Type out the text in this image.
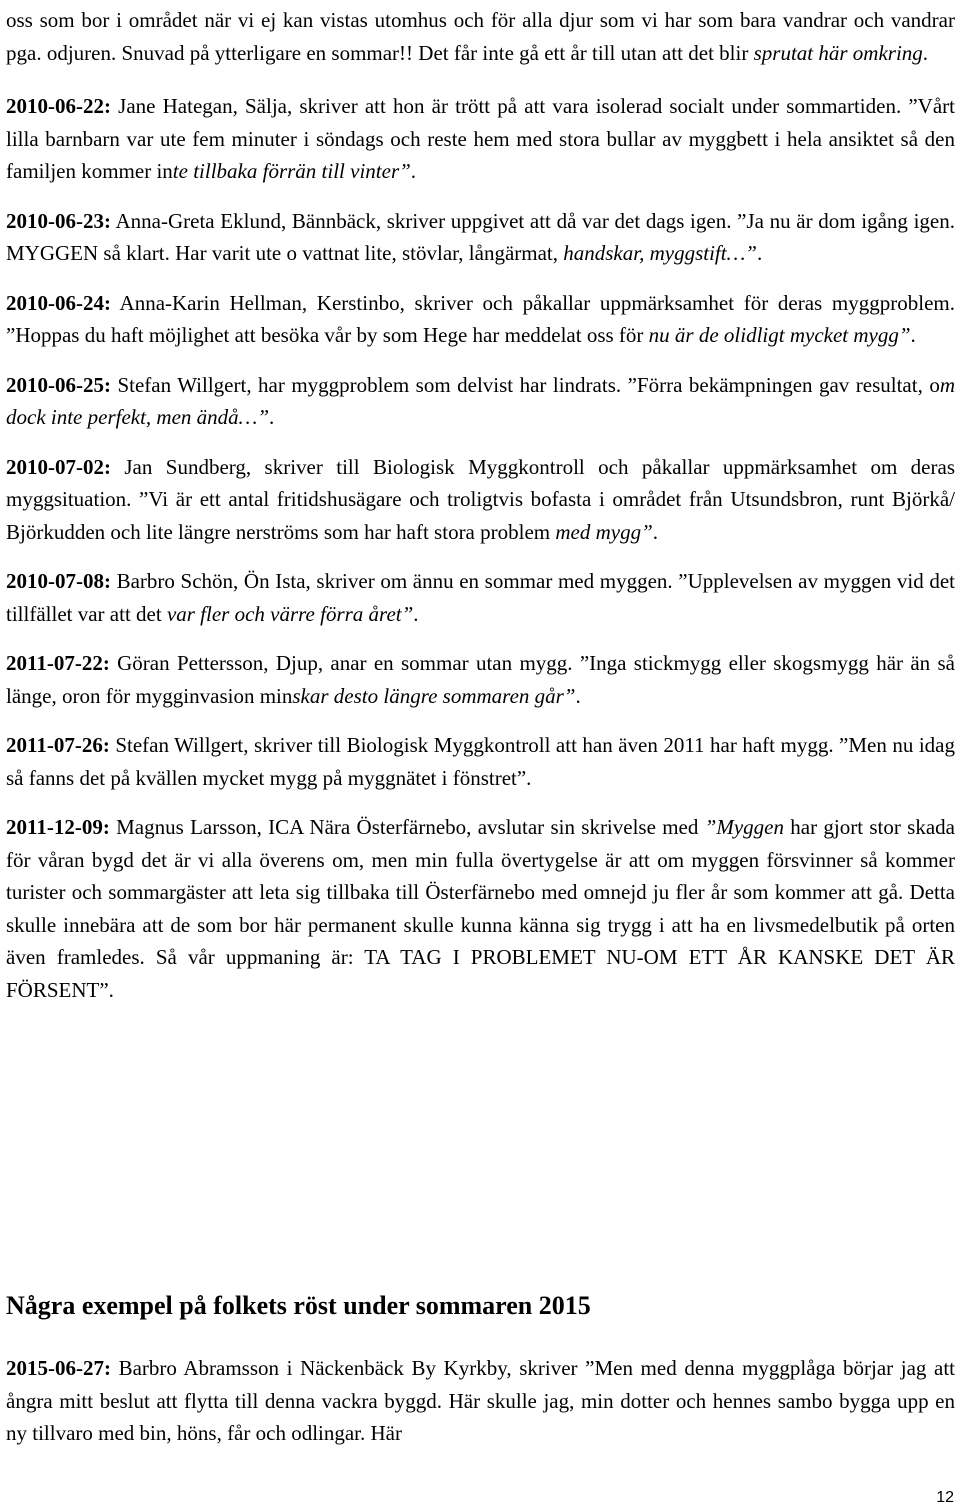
oss som bor i området när vi ej kan vistas utomhus och för alla djur som vi har som bara vandrar och vandrar pga. odjuren. Snuvad på ytterligare en sommar!! Det får inte gå ett år till utan att det blir sprutat här omkring.

2010-06-22: Jane Hategan, Sälja, skriver att hon är trött på att vara isolerad socialt under sommartiden. ”Vårt lilla barnbarn var ute fem minuter i söndags och reste hem med stora bullar av myggbett i hela ansiktet så den familjen kommer inte tillbaka förrän till vinter”.

2010-06-23: Anna-Greta Eklund, Bännbäck, skriver uppgivet att då var det dags igen. ”Ja nu är dom igång igen. MYGGEN så klart. Har varit ute o vattnat lite, stövlar, långärmat, handskar, myggstift…”.

2010-06-24: Anna-Karin Hellman, Kerstinbo, skriver och påkallar uppmärksamhet för deras myggproblem. ”Hoppas du haft möjlighet att besöka vår by som Hege har meddelat oss för nu är de olidligt mycket mygg”.

2010-06-25: Stefan Willgert, har myggproblem som delvist har lindrats. ”Förra bekämpningen gav resultat, om dock inte perfekt, men ändå…”.

2010-07-02: Jan Sundberg, skriver till Biologisk Myggkontroll och påkallar uppmärksamhet om deras myggsituation. ”Vi är ett antal fritidshusägare och troligtvis bofasta i området från Utsundsbron, runt Björkå/ Björkudden och lite längre nerströms som har haft stora problem med mygg”.

2010-07-08: Barbro Schön, Ön Ista, skriver om ännu en sommar med myggen. ”Upplevelsen av myggen vid det tillfället var att det var fler och värre förra året”.

2011-07-22: Göran Pettersson, Djup, anar en sommar utan mygg. ”Inga stickmygg eller skogsmygg här än så länge, oron för mygginvasion minskar desto längre sommaren går”.

2011-07-26: Stefan Willgert, skriver till Biologisk Myggkontroll att han även 2011 har haft mygg. ”Men nu idag så fanns det på kvällen mycket mygg på myggnätet i fönstret”.

2011-12-09: Magnus Larsson, ICA Nära Österfärnebo, avslutar sin skrivelse med ”Myggen har gjort stor skada för våran bygd det är vi alla överens om, men min fulla övertygelse är att om myggen försvinner så kommer turister och sommargäster att leta sig tillbaka till Österfärnebo med omnejd ju fler år som kommer att gå. Detta skulle innebära att de som bor här permanent skulle kunna känna sig trygg i att ha en livsmedelbutik på orten även framledes. Så vår uppmaning är: TA TAG I PROBLEMET NU-OM ETT ÅR KANSKE DET ÄR FÖRSENT”.

Några exempel på folkets röst under sommaren 2015

2015-06-27: Barbro Abramsson i Näckenbäck By Kyrkby, skriver ”Men med denna myggplåga börjar jag att ångra mitt beslut att flytta till denna vackra byggd. Här skulle jag, min dotter och hennes sambo bygga upp en ny tillvaro med bin, höns, får och odlingar. Här

12
